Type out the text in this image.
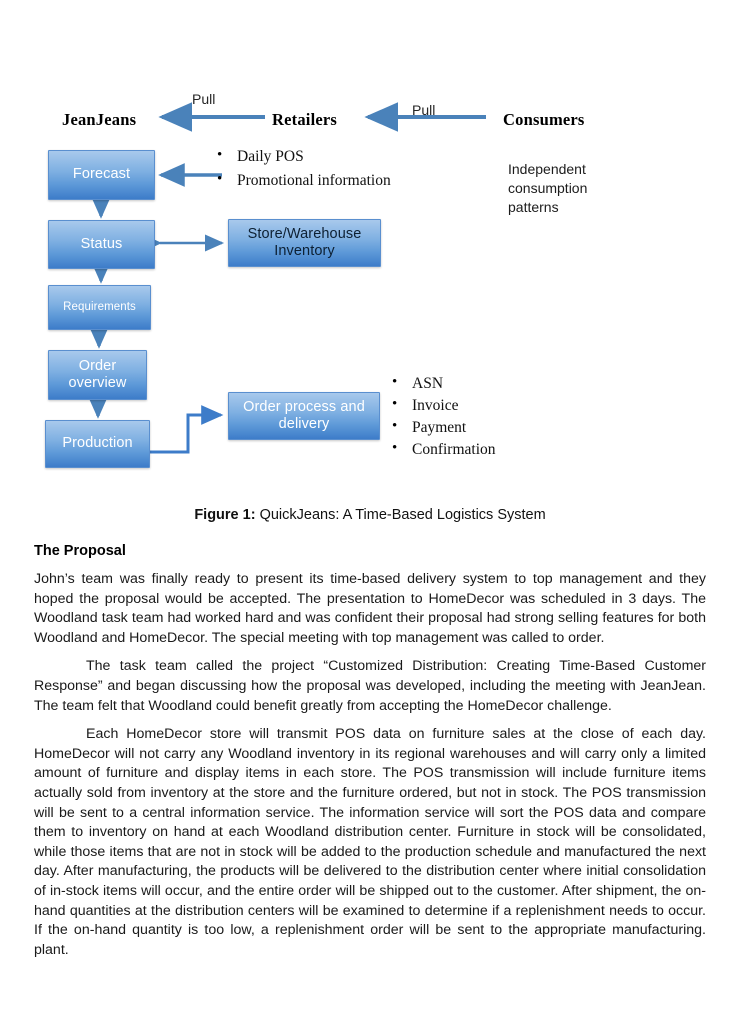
JeanJeans	Retailers	Consumers
Pull
Pull
Forecast
Status
Requirements
Order
overview
Production
Store/Warehouse
Inventory
Order process and
delivery
• Daily POS
• Promotional information
• ASN
• Invoice
• Payment
• Confirmation
Independent
consumption
patterns
Figure 1: QuickJeans: A Time-Based Logistics System
The Proposal

John’s team was finally ready to present its time-based delivery system to top management and they hoped the proposal would be accepted. The presentation to HomeDecor was scheduled in 3 days. The Woodland task team had worked hard and was confident their proposal had strong selling features for both Woodland and HomeDecor. The special meeting with top management was called to order.

The task team called the project “Customized Distribution: Creating Time-Based Customer Response” and began discussing how the proposal was developed, including the meeting with JeanJean. The team felt that Woodland could benefit greatly from accepting the HomeDecor challenge.

Each HomeDecor store will transmit POS data on furniture sales at the close of each day. HomeDecor will not carry any Woodland inventory in its regional warehouses and will carry only a limited amount of furniture and display items in each store. The POS transmission will include furniture items actually sold from inventory at the store and the furniture ordered, but not in stock. The POS transmission will be sent to a central information service. The information service will sort the POS data and compare them to inventory on hand at each Woodland distribution center. Furniture in stock will be consolidated, while those items that are not in stock will be added to the production schedule and manufactured the next day. After manufacturing, the products will be delivered to the distribution center where initial consolidation of in-stock items will occur, and the entire order will be shipped out to the customer. After shipment, the on-hand quantities at the distribution centers will be examined to determine if a replenishment needs to occur. If the on-hand quantity is too low, a replenishment order will be sent to the appropriate manufacturing. plant.
